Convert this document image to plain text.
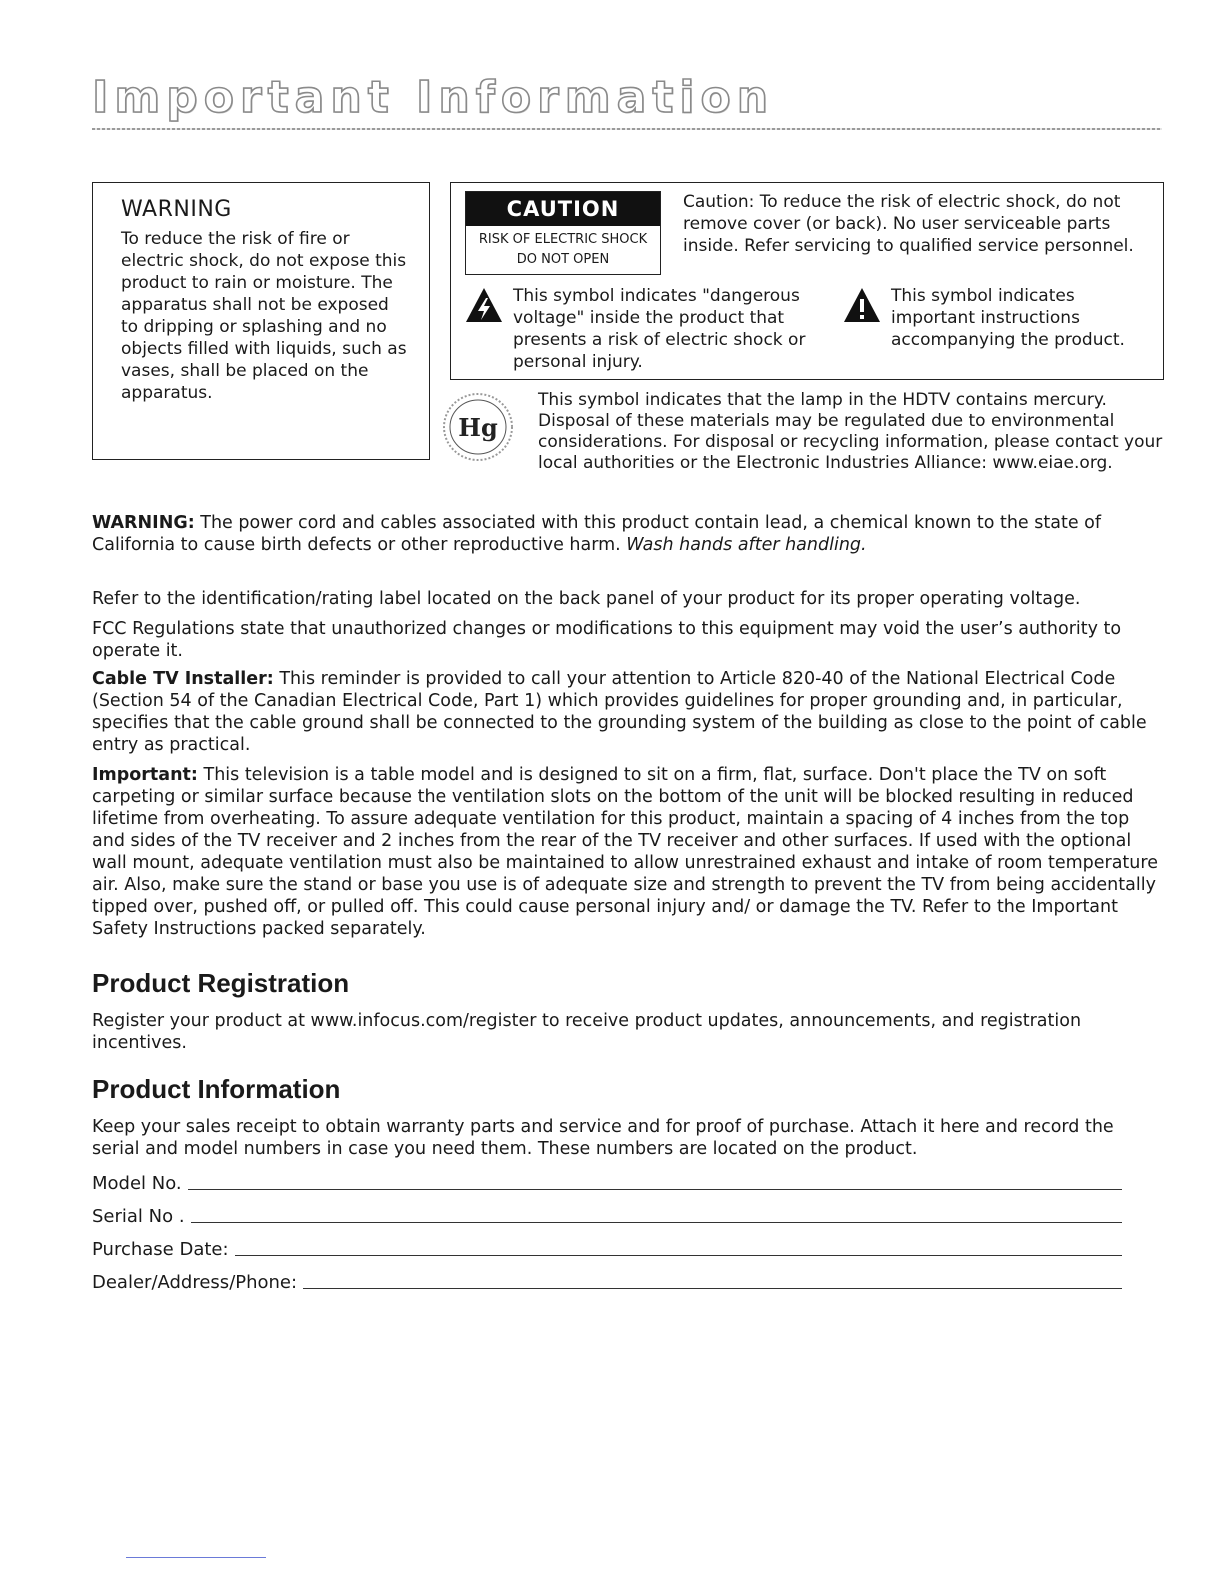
Important Information
WARNING

To reduce the risk of fire or electric shock, do not expose this product to rain or moisture. The apparatus shall not be exposed to dripping or splashing and no objects filled with liquids, such as vases, shall be placed on the apparatus.

CAUTION
RISK OF ELECTRIC SHOCK
DO NOT OPEN
Caution: To reduce the risk of electric shock, do not remove cover (or back). No user serviceable parts inside. Refer servicing to qualified service personnel.
This symbol indicates "dangerous voltage" inside the product that presents a risk of electric shock or personal injury.
This symbol indicates important instructions accompanying the product.
Hg
This symbol indicates that the lamp in the HDTV contains mercury. Disposal of these materials may be regulated due to environmental considerations. For disposal or recycling information, please contact your local authorities or the Electronic Industries Alliance: www.eiae.org.
WARNING: The power cord and cables associated with this product contain lead, a chemical known to the state of California to cause birth defects or other reproductive harm. Wash hands after handling.
Refer to the identification/rating label located on the back panel of your product for its proper operating voltage.
FCC Regulations state that unauthorized changes or modifications to this equipment may void the user’s authority to operate it.
Cable TV Installer: This reminder is provided to call your attention to Article 820-40 of the National Electrical Code (Section 54 of the Canadian Electrical Code, Part 1) which provides guidelines for proper grounding and, in particular, specifies that the cable ground shall be connected to the grounding system of the building as close to the point of cable entry as practical.
Important: This television is a table model and is designed to sit on a firm, flat, surface. Don't place the TV on soft carpeting or similar surface because the ventilation slots on the bottom of the unit will be blocked resulting in reduced lifetime from overheating. To assure adequate ventilation for this product, maintain a spacing of 4 inches from the top and sides of the TV receiver and 2 inches from the rear of the TV receiver and other surfaces. If used with the optional wall mount, adequate ventilation must also be maintained to allow unrestrained exhaust and intake of room temperature air. Also, make sure the stand or base you use is of adequate size and strength to prevent the TV from being accidentally tipped over, pushed off, or pulled off. This could cause personal injury and/ or damage the TV. Refer to the Important Safety Instructions packed separately.
Product Registration
Register your product at www.infocus.com/register to receive product updates, announcements, and registration incentives.
Product Information
Keep your sales receipt to obtain warranty parts and service and for proof of purchase. Attach it here and record the serial and model numbers in case you need them. These numbers are located on the product.
Model No.
Serial No .
Purchase Date:
Dealer/Address/Phone:
